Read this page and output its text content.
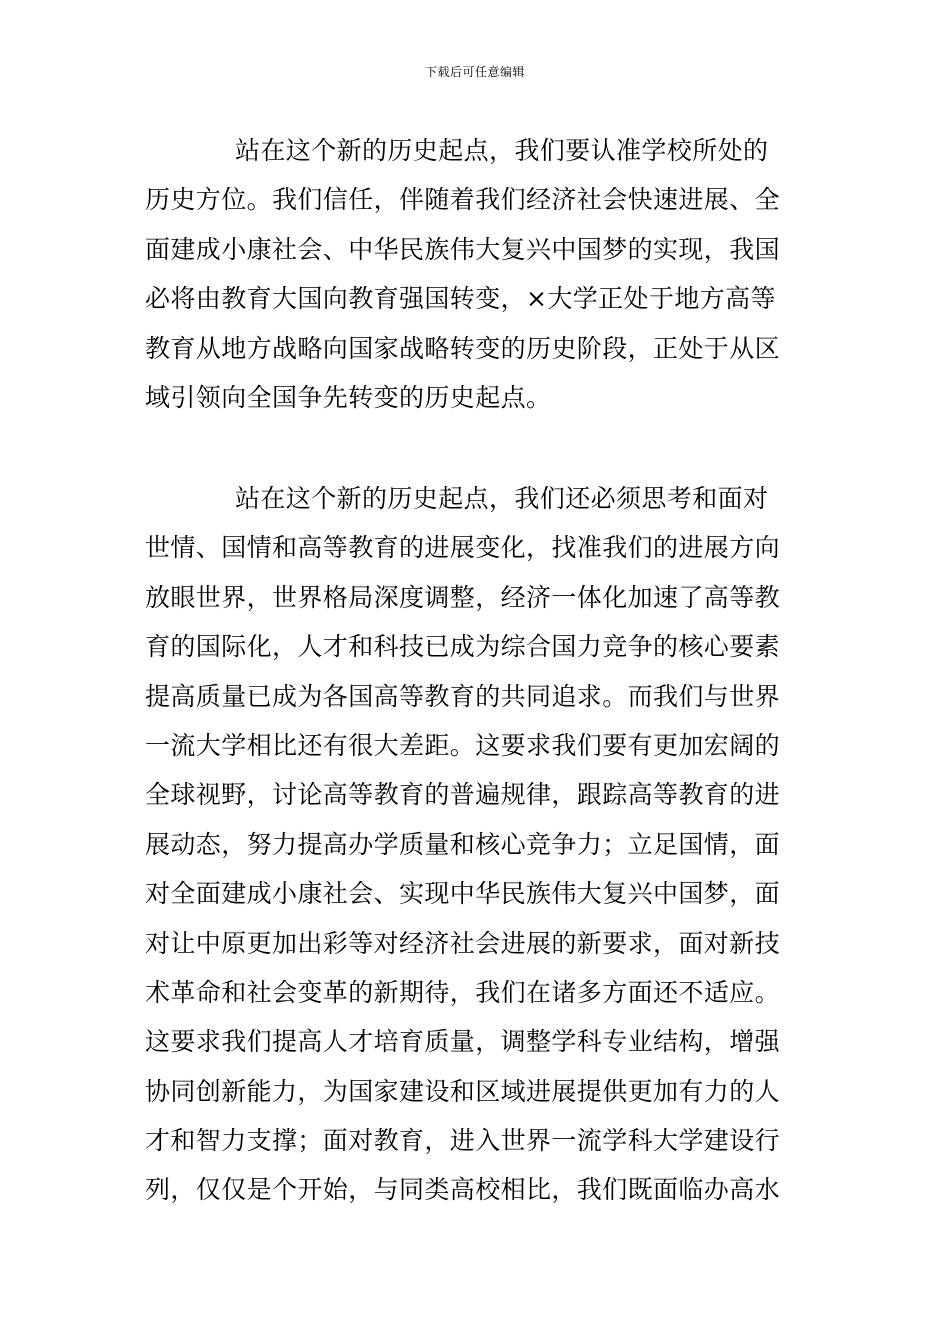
下载后可任意编辑
站在这个新的历史起点，我们要认准学校所处的
历史方位。我们信任，伴随着我们经济社会快速进展、全
面建成小康社会、中华民族伟大复兴中国梦的实现，我国
必将由教育大国向教育强国转变，×大学正处于地方高等
教育从地方战略向国家战略转变的历史阶段，正处于从区
域引领向全国争先转变的历史起点。
站在这个新的历史起点，我们还必须思考和面对
世情、国情和高等教育的进展变化，找准我们的进展方向
放眼世界，世界格局深度调整，经济一体化加速了高等教
育的国际化，人才和科技已成为综合国力竞争的核心要素
提高质量已成为各国高等教育的共同追求。而我们与世界
一流大学相比还有很大差距。这要求我们要有更加宏阔的
全球视野，讨论高等教育的普遍规律，跟踪高等教育的进
展动态，努力提高办学质量和核心竞争力；立足国情，面
对全面建成小康社会、实现中华民族伟大复兴中国梦，面
对让中原更加出彩等对经济社会进展的新要求，面对新技
术革命和社会变革的新期待，我们在诸多方面还不适应。
这要求我们提高人才培育质量，调整学科专业结构，增强
协同创新能力，为国家建设和区域进展提供更加有力的人
才和智力支撑；面对教育，进入世界一流学科大学建设行
列，仅仅是个开始，与同类高校相比，我们既面临办高水
